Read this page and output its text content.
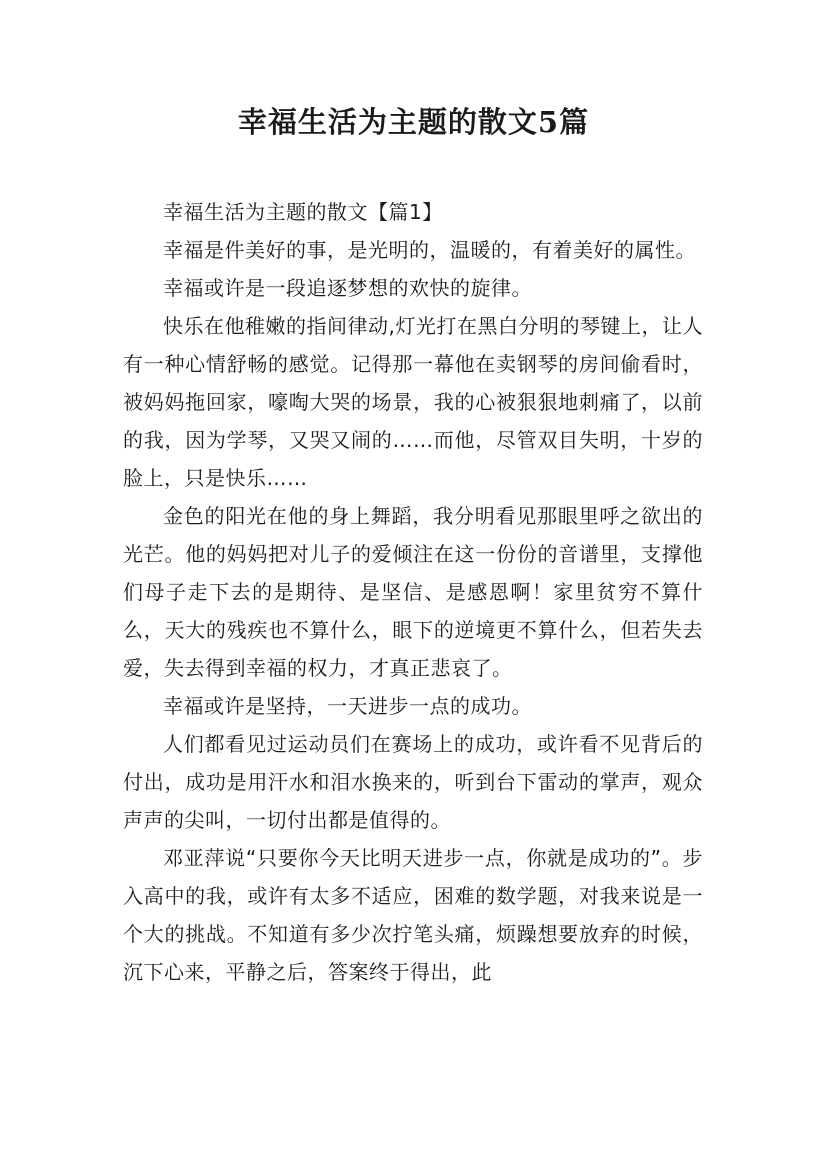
幸福生活为主题的散文5篇

幸福生活为主题的散文【篇1】

幸福是件美好的事，是光明的，温暖的，有着美好的属性。

幸福或许是一段追逐梦想的欢快的旋律。

快乐在他稚嫩的指间律动,灯光打在黑白分明的琴键上，让人有一种心情舒畅的感觉。记得那一幕他在卖钢琴的房间偷看时，被妈妈拖回家，嚎啕大哭的场景，我的心被狠狠地刺痛了，以前的我，因为学琴，又哭又闹的……而他，尽管双目失明，十岁的脸上，只是快乐……

金色的阳光在他的身上舞蹈，我分明看见那眼里呼之欲出的光芒。他的妈妈把对儿子的爱倾注在这一份份的音谱里，支撑他们母子走下去的是期待、是坚信、是感恩啊！家里贫穷不算什么，天大的残疾也不算什么，眼下的逆境更不算什么，但若失去爱，失去得到幸福的权力，才真正悲哀了。

幸福或许是坚持，一天进步一点的成功。

人们都看见过运动员们在赛场上的成功，或许看不见背后的付出，成功是用汗水和泪水换来的，听到台下雷动的掌声，观众声声的尖叫，一切付出都是值得的。

邓亚萍说“只要你今天比明天进步一点，你就是成功的”。步入高中的我，或许有太多不适应，困难的数学题，对我来说是一个大的挑战。不知道有多少次拧笔头痛，烦躁想要放弃的时候，沉下心来，平静之后，答案终于得出，此
